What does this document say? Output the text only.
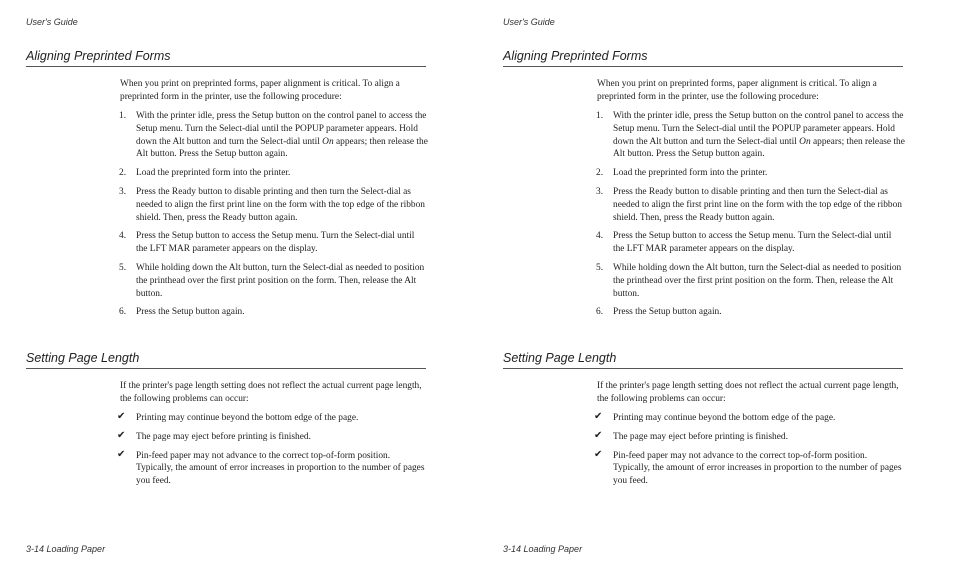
User's Guide
Aligning Preprinted Forms

When you print on preprinted forms, paper alignment is critical. To align a preprinted form in the printer, use the following procedure:

1. With the printer idle, press the Setup button on the control panel to access the Setup menu. Turn the Select-dial until the POPUP parameter appears. Hold down the Alt button and turn the Select-dial until On appears; then release the Alt button. Press the Setup button again.
2. Load the preprinted form into the printer.
3. Press the Ready button to disable printing and then turn the Select-dial as needed to align the first print line on the form with the top edge of the ribbon shield. Then, press the Ready button again.
4. Press the Setup button to access the Setup menu. Turn the Select-dial until the LFT MAR parameter appears on the display.
5. While holding down the Alt button, turn the Select-dial as needed to position the printhead over the first print position on the form. Then, release the Alt button.
6. Press the Setup button again.
Setting Page Length

If the printer's page length setting does not reflect the actual current page length, the following problems can occur:

✔ Printing may continue beyond the bottom edge of the page.
✔ The page may eject before printing is finished.
✔ Pin-feed paper may not advance to the correct top-of-form position. Typically, the amount of error increases in proportion to the number of pages you feed.
3-14 Loading Paper
User's Guide
Aligning Preprinted Forms

When you print on preprinted forms, paper alignment is critical. To align a preprinted form in the printer, use the following procedure:

1. With the printer idle, press the Setup button on the control panel to access the Setup menu. Turn the Select-dial until the POPUP parameter appears. Hold down the Alt button and turn the Select-dial until On appears; then release the Alt button. Press the Setup button again.
2. Load the preprinted form into the printer.
3. Press the Ready button to disable printing and then turn the Select-dial as needed to align the first print line on the form with the top edge of the ribbon shield. Then, press the Ready button again.
4. Press the Setup button to access the Setup menu. Turn the Select-dial until the LFT MAR parameter appears on the display.
5. While holding down the Alt button, turn the Select-dial as needed to position the printhead over the first print position on the form. Then, release the Alt button.
6. Press the Setup button again.
Setting Page Length

If the printer's page length setting does not reflect the actual current page length, the following problems can occur:

✔ Printing may continue beyond the bottom edge of the page.
✔ The page may eject before printing is finished.
✔ Pin-feed paper may not advance to the correct top-of-form position. Typically, the amount of error increases in proportion to the number of pages you feed.
3-14 Loading Paper
